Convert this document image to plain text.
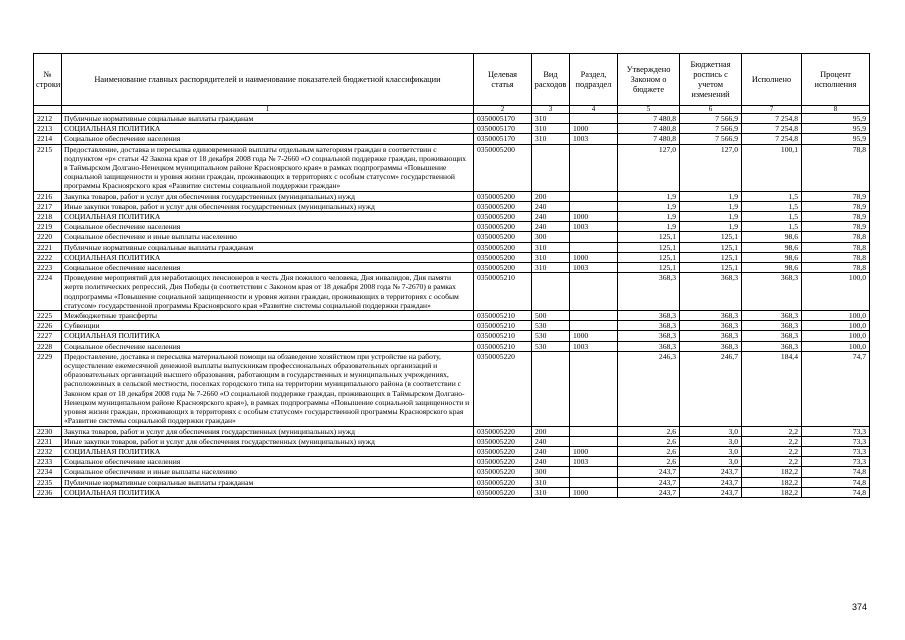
№ строки	Наименование главных распорядителей и наименование показателей бюджетной классификации	Целевая статья	Вид расходов	Раздел, подраздел	Утверждено Законом о бюджете	Бюджетная роспись с учетом изменений	Исполнено	Процент исполнения
	1	2	3	4	5	6	7	8
2212	Публичные нормативные социальные выплаты гражданам	0350005170	310		7 480,8	7 566,9	7 254,8	95,9
2213	СОЦИАЛЬНАЯ ПОЛИТИКА	0350005170	310	1000	7 480,8	7 566,9	7 254,8	95,9
2214	Социальное обеспечение населения	0350005170	310	1003	7 480,8	7 566,9	7 254,8	95,9
2215	Предоставление, доставка и пересылка единовременной выплаты отдельным категориям граждан в соответствии с подпунктом «р» статьи 42 Закона края от 18 декабря 2008 года № 7-2660 «О социальной поддержке граждан, проживающих в Таймырском Долгано-Ненецком муниципальном районе Красноярского края» в рамках подпрограммы «Повышение социальной защищенности и уровня жизни граждан, проживающих в территориях с особым статусом» государственной программы Красноярского края «Развитие системы социальной поддержки граждан»	0350005200			127,0	127,0	100,1	78,8
2216	Закупка товаров, работ и услуг для обеспечения государственных (муниципальных) нужд	0350005200	200		1,9	1,9	1,5	78,9
2217	Иные закупки товаров, работ и услуг для обеспечения государственных (муниципальных) нужд	0350005200	240		1,9	1,9	1,5	78,9
2218	СОЦИАЛЬНАЯ ПОЛИТИКА	0350005200	240	1000	1,9	1,9	1,5	78,9
2219	Социальное обеспечение населения	0350005200	240	1003	1,9	1,9	1,5	78,9
2220	Социальное обеспечение и иные выплаты населению	0350005200	300		125,1	125,1	98,6	78,8
2221	Публичные нормативные социальные выплаты гражданам	0350005200	310		125,1	125,1	98,6	78,8
2222	СОЦИАЛЬНАЯ ПОЛИТИКА	0350005200	310	1000	125,1	125,1	98,6	78,8
2223	Социальное обеспечение населения	0350005200	310	1003	125,1	125,1	98,6	78,8
2224	Проведение мероприятий для неработающих пенсионеров в честь Дня пожилого человека, Дня инвалидов, Дня памяти жертв политических репрессий, Дня Победы (в соответствии с Законом края от 18 декабря 2008 года № 7-2670) в рамках подпрограммы «Повышение социальной защищенности и уровня жизни граждан, проживающих в территориях с особым статусом» государственной программы Красноярского края «Развитие системы социальной поддержки граждан»	0350005210			368,3	368,3	368,3	100,0
2225	Межбюджетные трансферты	0350005210	500		368,3	368,3	368,3	100,0
2226	Субвенции	0350005210	530		368,3	368,3	368,3	100,0
2227	СОЦИАЛЬНАЯ ПОЛИТИКА	0350005210	530	1000	368,3	368,3	368,3	100,0
2228	Социальное обеспечение населения	0350005210	530	1003	368,3	368,3	368,3	100,0
2229	Предоставление, доставка и пересылка материальной помощи на обзаведение хозяйством при устройстве на работу, осуществление ежемесячной денежной выплаты выпускникам профессиональных образовательных организаций и образовательных организаций высшего образования, работающим в государственных и муниципальных учреждениях, расположенных в сельской местности, поселках городского типа на территории муниципального района (в соответствии с Законом края от 18 декабря 2008 года № 7-2660 «О социальной поддержке граждан, проживающих в Таймырском Долгано-Ненецком муниципальном районе Красноярского края»), в рамках подпрограммы «Повышение социальной защищенности и уровня жизни граждан, проживающих в территориях с особым статусом» государственной программы Красноярского края «Развитие системы социальной поддержки граждан»	0350005220			246,3	246,7	184,4	74,7
2230	Закупка товаров, работ и услуг для обеспечения государственных (муниципальных) нужд	0350005220	200		2,6	3,0	2,2	73,3
2231	Иные закупки товаров, работ и услуг для обеспечения государственных (муниципальных) нужд	0350005220	240		2,6	3,0	2,2	73,3
2232	СОЦИАЛЬНАЯ ПОЛИТИКА	0350005220	240	1000	2,6	3,0	2,2	73,3
2233	Социальное обеспечение населения	0350005220	240	1003	2,6	3,0	2,2	73,3
2234	Социальное обеспечение и иные выплаты населению	0350005220	300		243,7	243,7	182,2	74,8
2235	Публичные нормативные социальные выплаты гражданам	0350005220	310		243,7	243,7	182,2	74,8
2236	СОЦИАЛЬНАЯ ПОЛИТИКА	0350005220	310	1000	243,7	243,7	182,2	74,8
374
